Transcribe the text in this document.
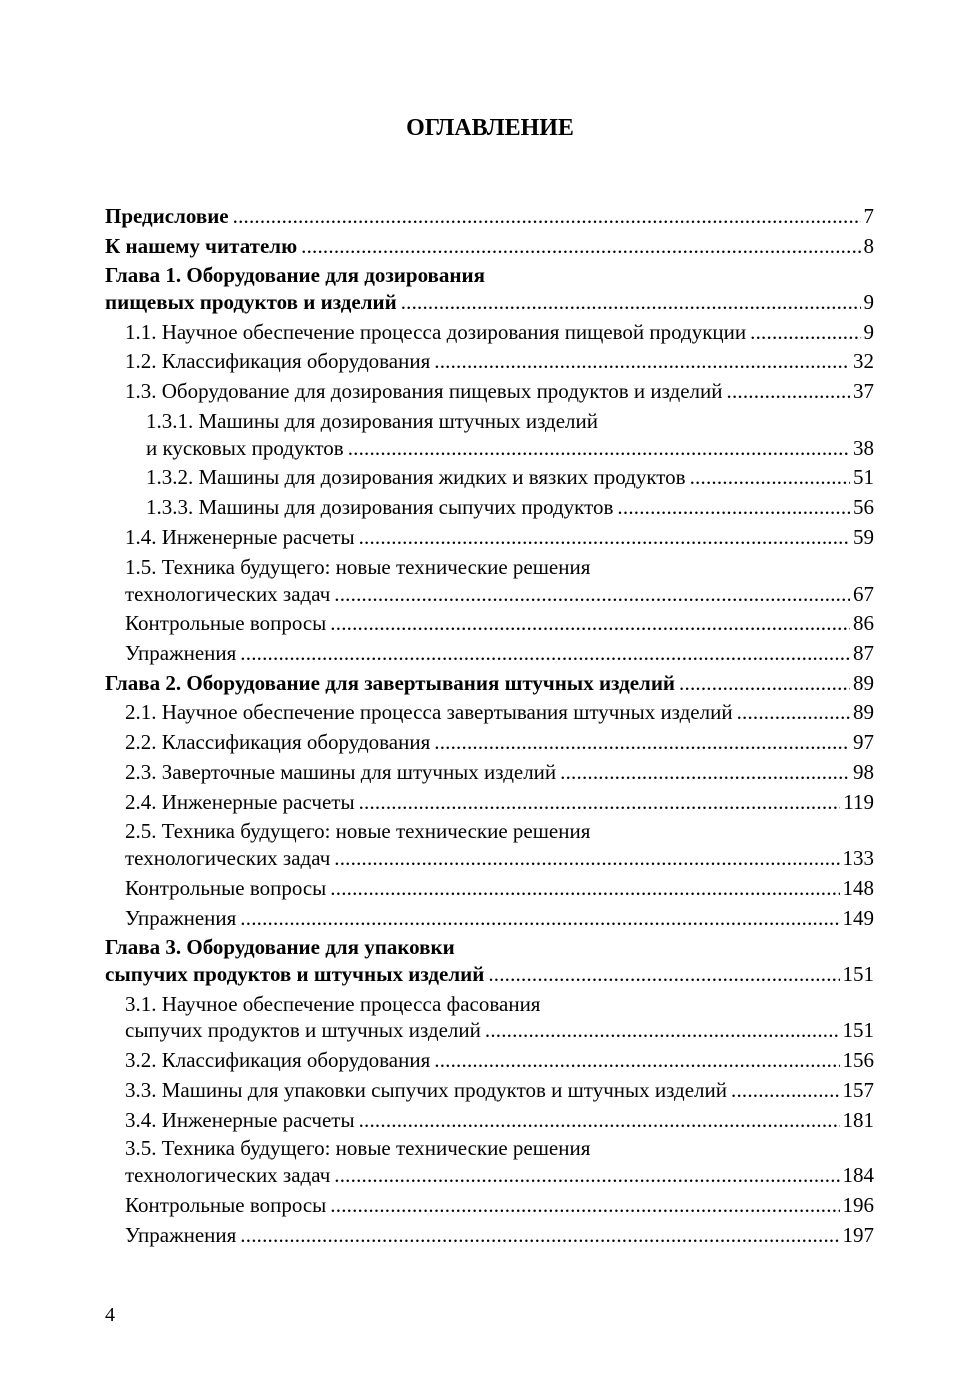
ОГЛАВЛЕНИЕ
Предисловие .....	7
К нашему читателю .....	8
Глава 1. Оборудование для дозирования
пищевых продуктов и изделий .....	9
1.1. Научное обеспечение процесса дозирования пищевой продукции .....	9
1.2. Классификация оборудования .....	32
1.3. Оборудование для дозирования пищевых продуктов и изделий .....	37
1.3.1. Машины для дозирования штучных изделий
и кусковых продуктов .....	38
1.3.2. Машины для дозирования жидких и вязких продуктов .....	51
1.3.3. Машины для дозирования сыпучих продуктов .....	56
1.4. Инженерные расчеты .....	59
1.5. Техника будущего: новые технические решения
технологических задач .....	67
Контрольные вопросы .....	86
Упражнения .....	87
Глава 2. Оборудование для завертывания штучных изделий .....	89
2.1. Научное обеспечение процесса завертывания штучных изделий .....	89
2.2. Классификация оборудования .....	97
2.3. Заверточные машины для штучных изделий .....	98
2.4. Инженерные расчеты .....	119
2.5. Техника будущего: новые технические решения
технологических задач .....	133
Контрольные вопросы .....	148
Упражнения .....	149
Глава 3. Оборудование для упаковки
сыпучих продуктов и штучных изделий .....	151
3.1. Научное обеспечение процесса фасования
сыпучих продуктов и штучных изделий .....	151
3.2. Классификация оборудования .....	156
3.3. Машины для упаковки сыпучих продуктов и штучных изделий .....	157
3.4. Инженерные расчеты .....	181
3.5. Техника будущего: новые технические решения
технологических задач .....	184
Контрольные вопросы .....	196
Упражнения .....	197
4
